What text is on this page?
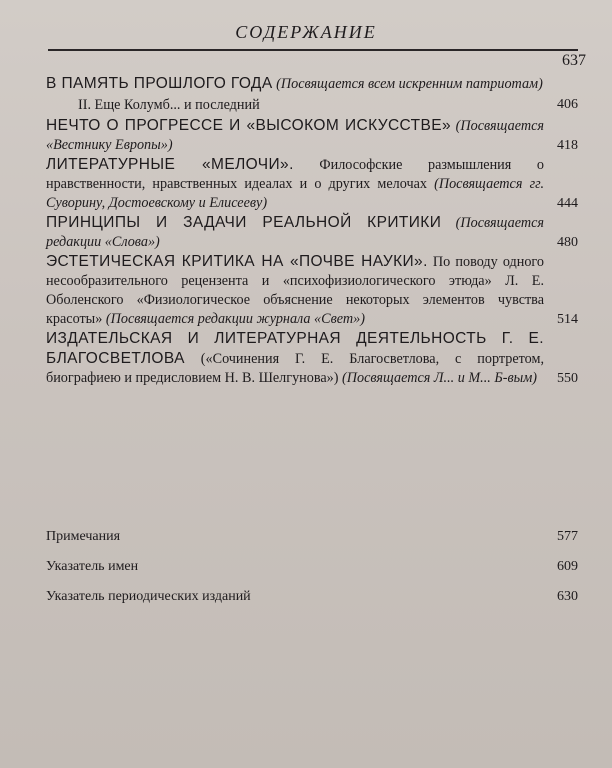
СОДЕРЖАНИЕ
637
В ПАМЯТЬ ПРОШЛОГО ГОДА (Посвящается всем искренним патриотам)
II. Еще Колумб... и последний	406
НЕЧТО О ПРОГРЕССЕ И «ВЫСОКОМ ИСКУССТВЕ» (Посвящается «Вестнику Европы»)	418
ЛИТЕРАТУРНЫЕ «МЕЛОЧИ». Философские размышления о нравственности, нравственных идеалах и о других мелочах (Посвящается гг. Суворину, Достоевскому и Елисееву)	444
ПРИНЦИПЫ И ЗАДАЧИ РЕАЛЬНОЙ КРИТИКИ (Посвящается редакции «Слова»)	480
ЭСТЕТИЧЕСКАЯ КРИТИКА НА «ПОЧВЕ НАУКИ». По поводу одного несообразительного рецензента и «психофизиологического этюда» Л. Е. Оболенского «Физиологическое объяснение некоторых элементов чувства красоты» (Посвящается редакции журнала «Свет»)	514
ИЗДАТЕЛЬСКАЯ И ЛИТЕРАТУРНАЯ ДЕЯТЕЛЬНОСТЬ Г. Е. БЛАГОСВЕТЛОВА («Сочинения Г. Е. Благосветлова, с портретом, биографиею и предисловием Н. В. Шелгунова») (Посвящается Л... и М... Б-вым) 550
Примечания	577
Указатель имен	609
Указатель периодических изданий	630
